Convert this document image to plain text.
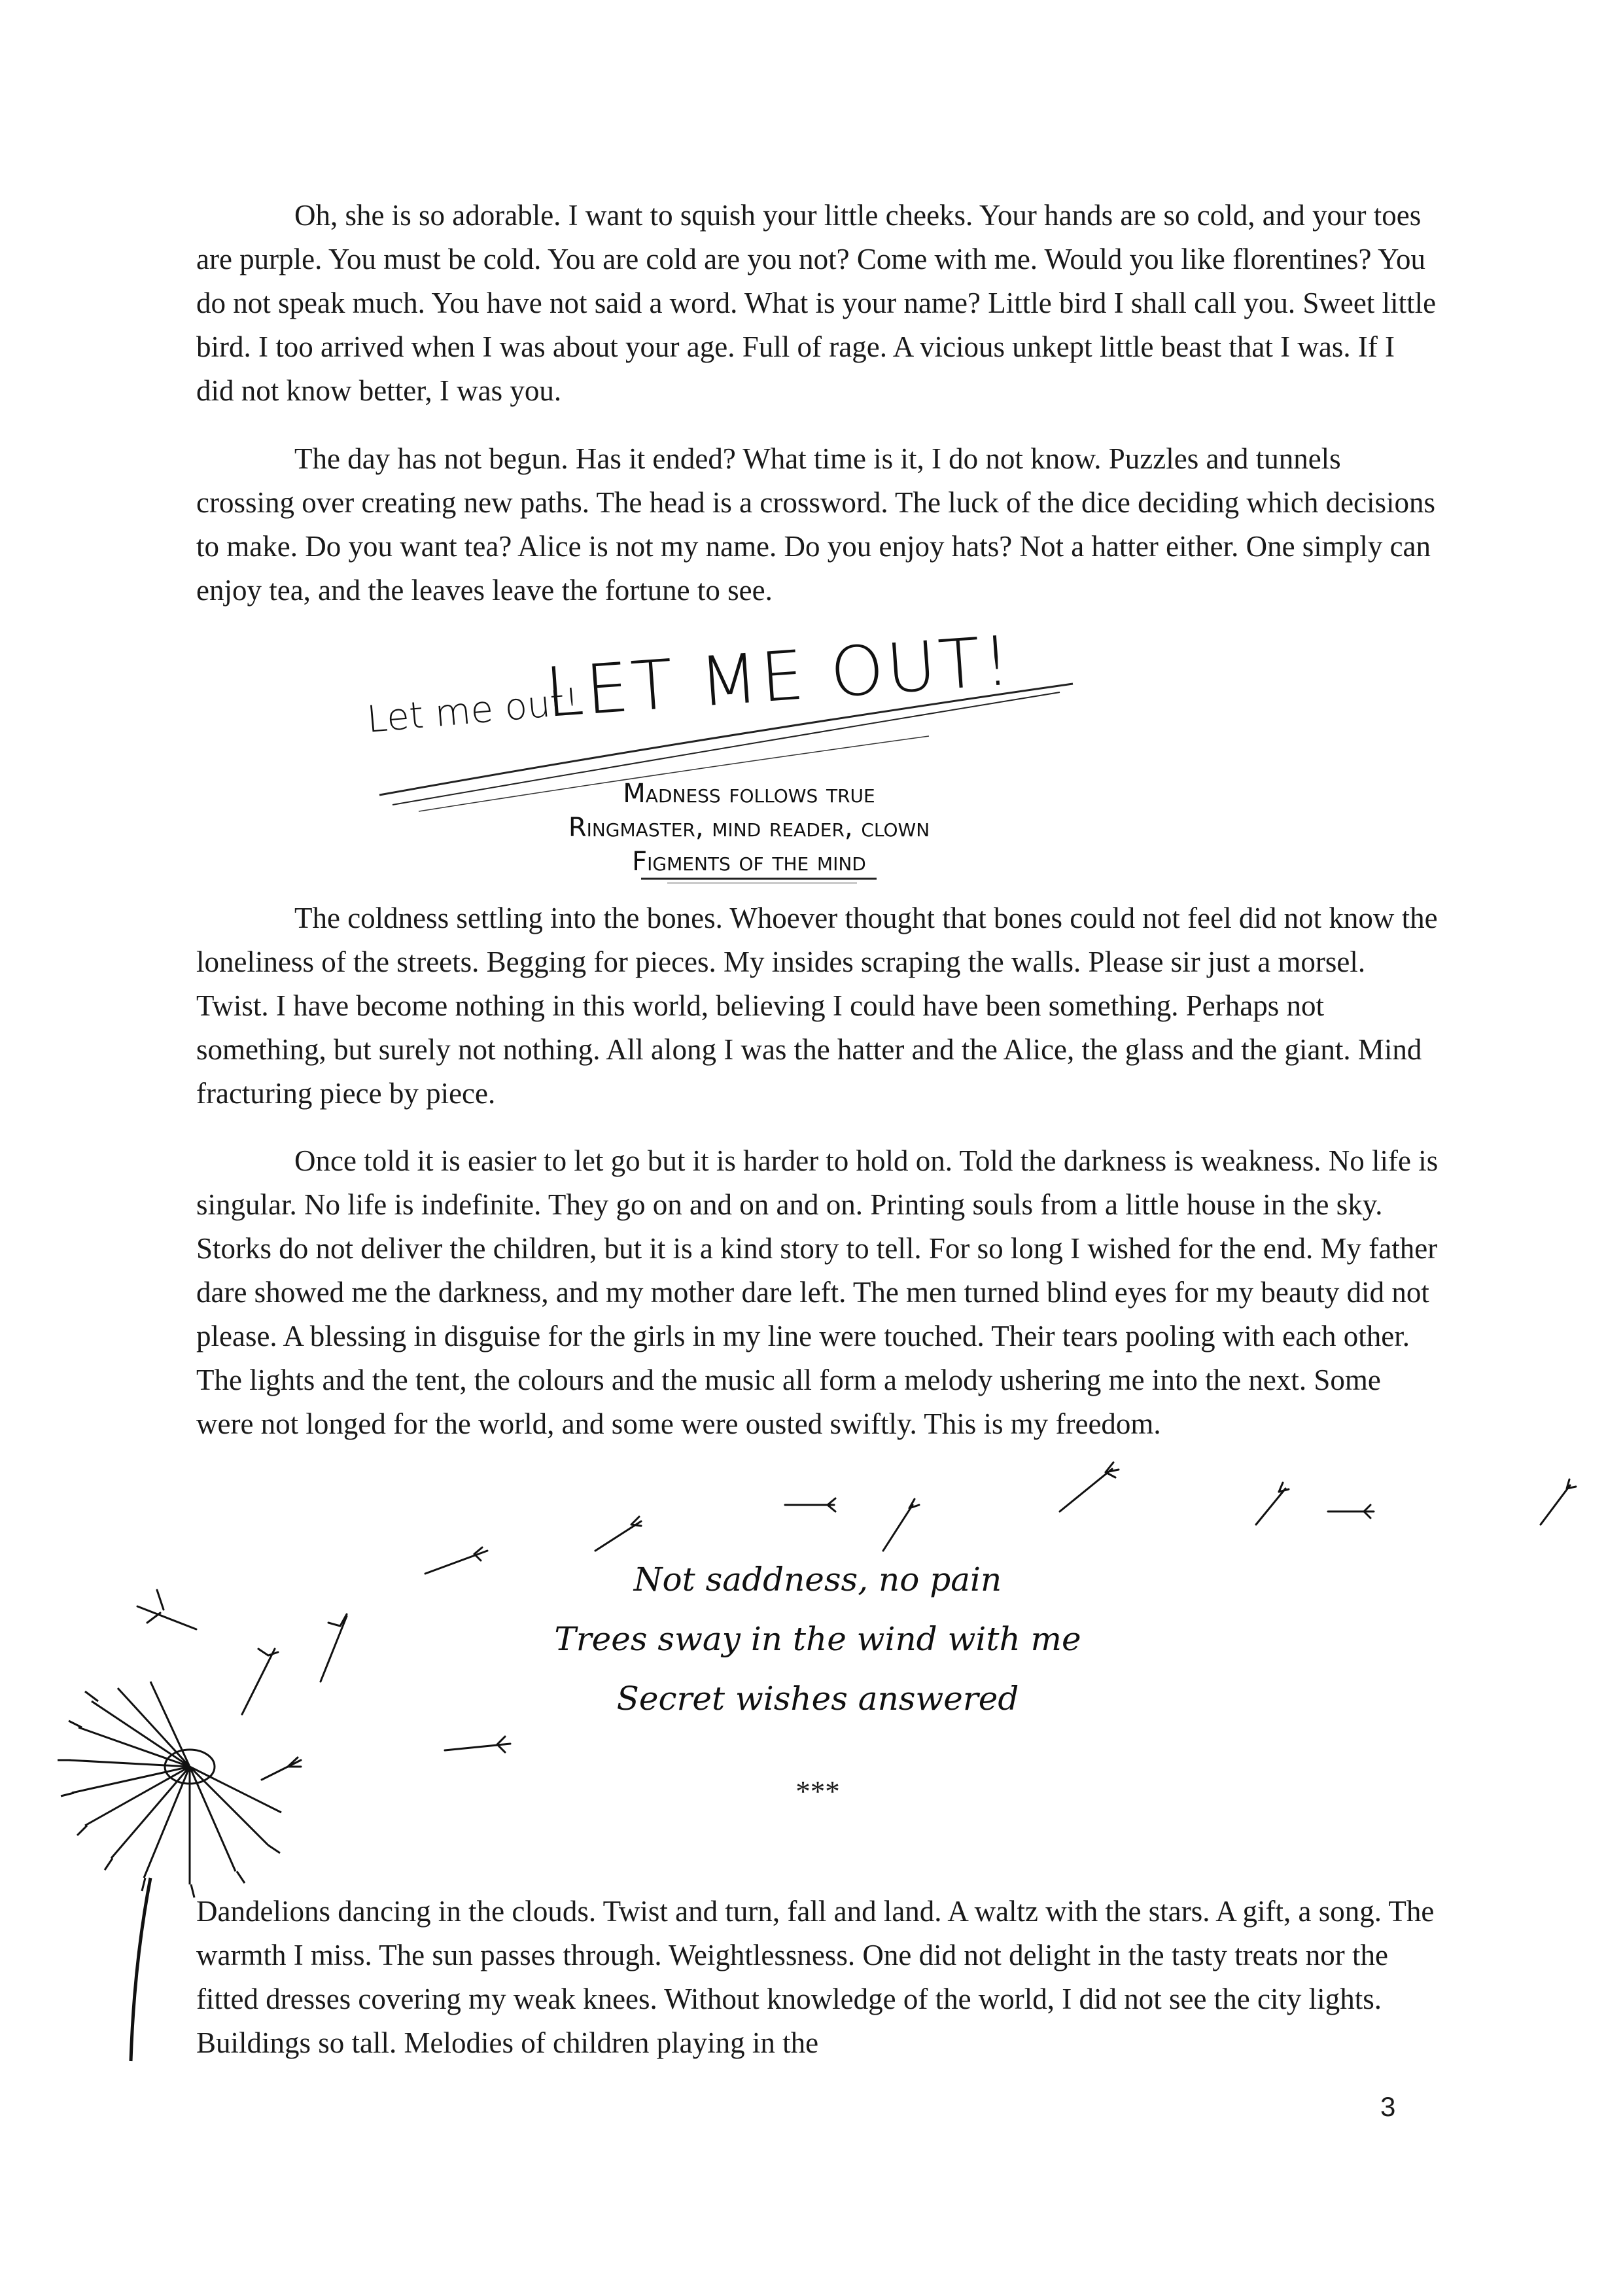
Oh, she is so adorable. I want to squish your little cheeks. Your hands are so cold, and your toes are purple. You must be cold. You are cold are you not? Come with me. Would you like florentines? You do not speak much. You have not said a word. What is your name? Little bird I shall call you. Sweet little bird. I too arrived when I was about your age. Full of rage. A vicious unkept little beast that I was. If I did not know better, I was you.

The day has not begun. Has it ended? What time is it, I do not know. Puzzles and tunnels crossing over creating new paths. The head is a crossword. The luck of the dice deciding which decisions to make. Do you want tea? Alice is not my name. Do you enjoy hats? Not a hatter either. One simply can enjoy tea, and the leaves leave the fortune to see.

Let me out!

LET ME OUT!

Madness follows true

Ringmaster, mind reader, clown

Figments of the mind

The coldness settling into the bones. Whoever thought that bones could not feel did not know the loneliness of the streets. Begging for pieces. My insides scraping the walls. Please sir just a morsel. Twist. I have become nothing in this world, believing I could have been something. Perhaps not something, but surely not nothing. All along I was the hatter and the Alice, the glass and the giant. Mind fracturing piece by piece.

Once told it is easier to let go but it is harder to hold on. Told the darkness is weakness. No life is singular. No life is indefinite. They go on and on and on. Printing souls from a little house in the sky. Storks do not deliver the children, but it is a kind story to tell. For so long I wished for the end. My father dare showed me the darkness, and my mother dare left. The men turned blind eyes for my beauty did not please. A blessing in disguise for the girls in my line were touched. Their tears pooling with each other. The lights and the tent, the colours and the music all form a melody ushering me into the next. Some were not longed for the world, and some were ousted swiftly. This is my freedom.

Not saddness, no pain

Trees sway in the wind with me

Secret wishes answered

***

Dandelions dancing in the clouds. Twist and turn, fall and land. A waltz with the stars. A gift, a song. The warmth I miss. The sun passes through. Weightlessness. One did not delight in the tasty treats nor the fitted dresses covering my weak knees. Without knowledge of the world, I did not see the city lights. Buildings so tall. Melodies of children playing in the

3
